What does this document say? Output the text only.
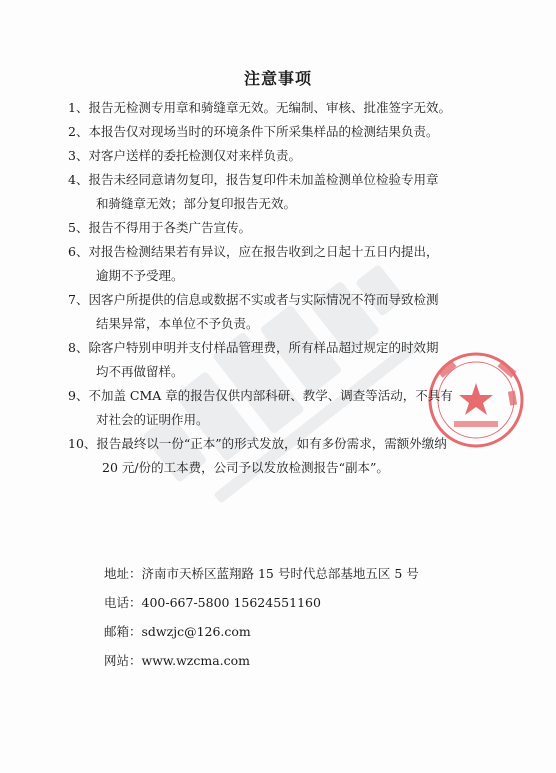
注意事项
1、报告无检测专用章和骑缝章无效。无编制、审核、批准签字无效。
2、本报告仅对现场当时的环境条件下所采集样品的检测结果负责。
3、对客户送样的委托检测仅对来样负责。
4、报告未经同意请勿复印，报告复印件未加盖检测单位检验专用章
和骑缝章无效；部分复印报告无效。
5、报告不得用于各类广告宣传。
6、对报告检测结果若有异议，应在报告收到之日起十五日内提出，
逾期不予受理。
7、因客户所提供的信息或数据不实或者与实际情况不符而导致检测
结果异常，本单位不予负责。
8、除客户特别申明并支付样品管理费，所有样品超过规定的时效期
均不再做留样。
9、不加盖 CMA 章的报告仅供内部科研、教学、调查等活动，不具有
对社会的证明作用。
10、报告最终以一份“正本”的形式发放，如有多份需求，需额外缴纳
20 元/份的工本费，公司予以发放检测报告“副本”。
地址：济南市天桥区蓝翔路 15 号时代总部基地五区 5 号
电话：400-667-5800 15624551160
邮箱：sdwzjc@126.com
网站：www.wzcma.com
